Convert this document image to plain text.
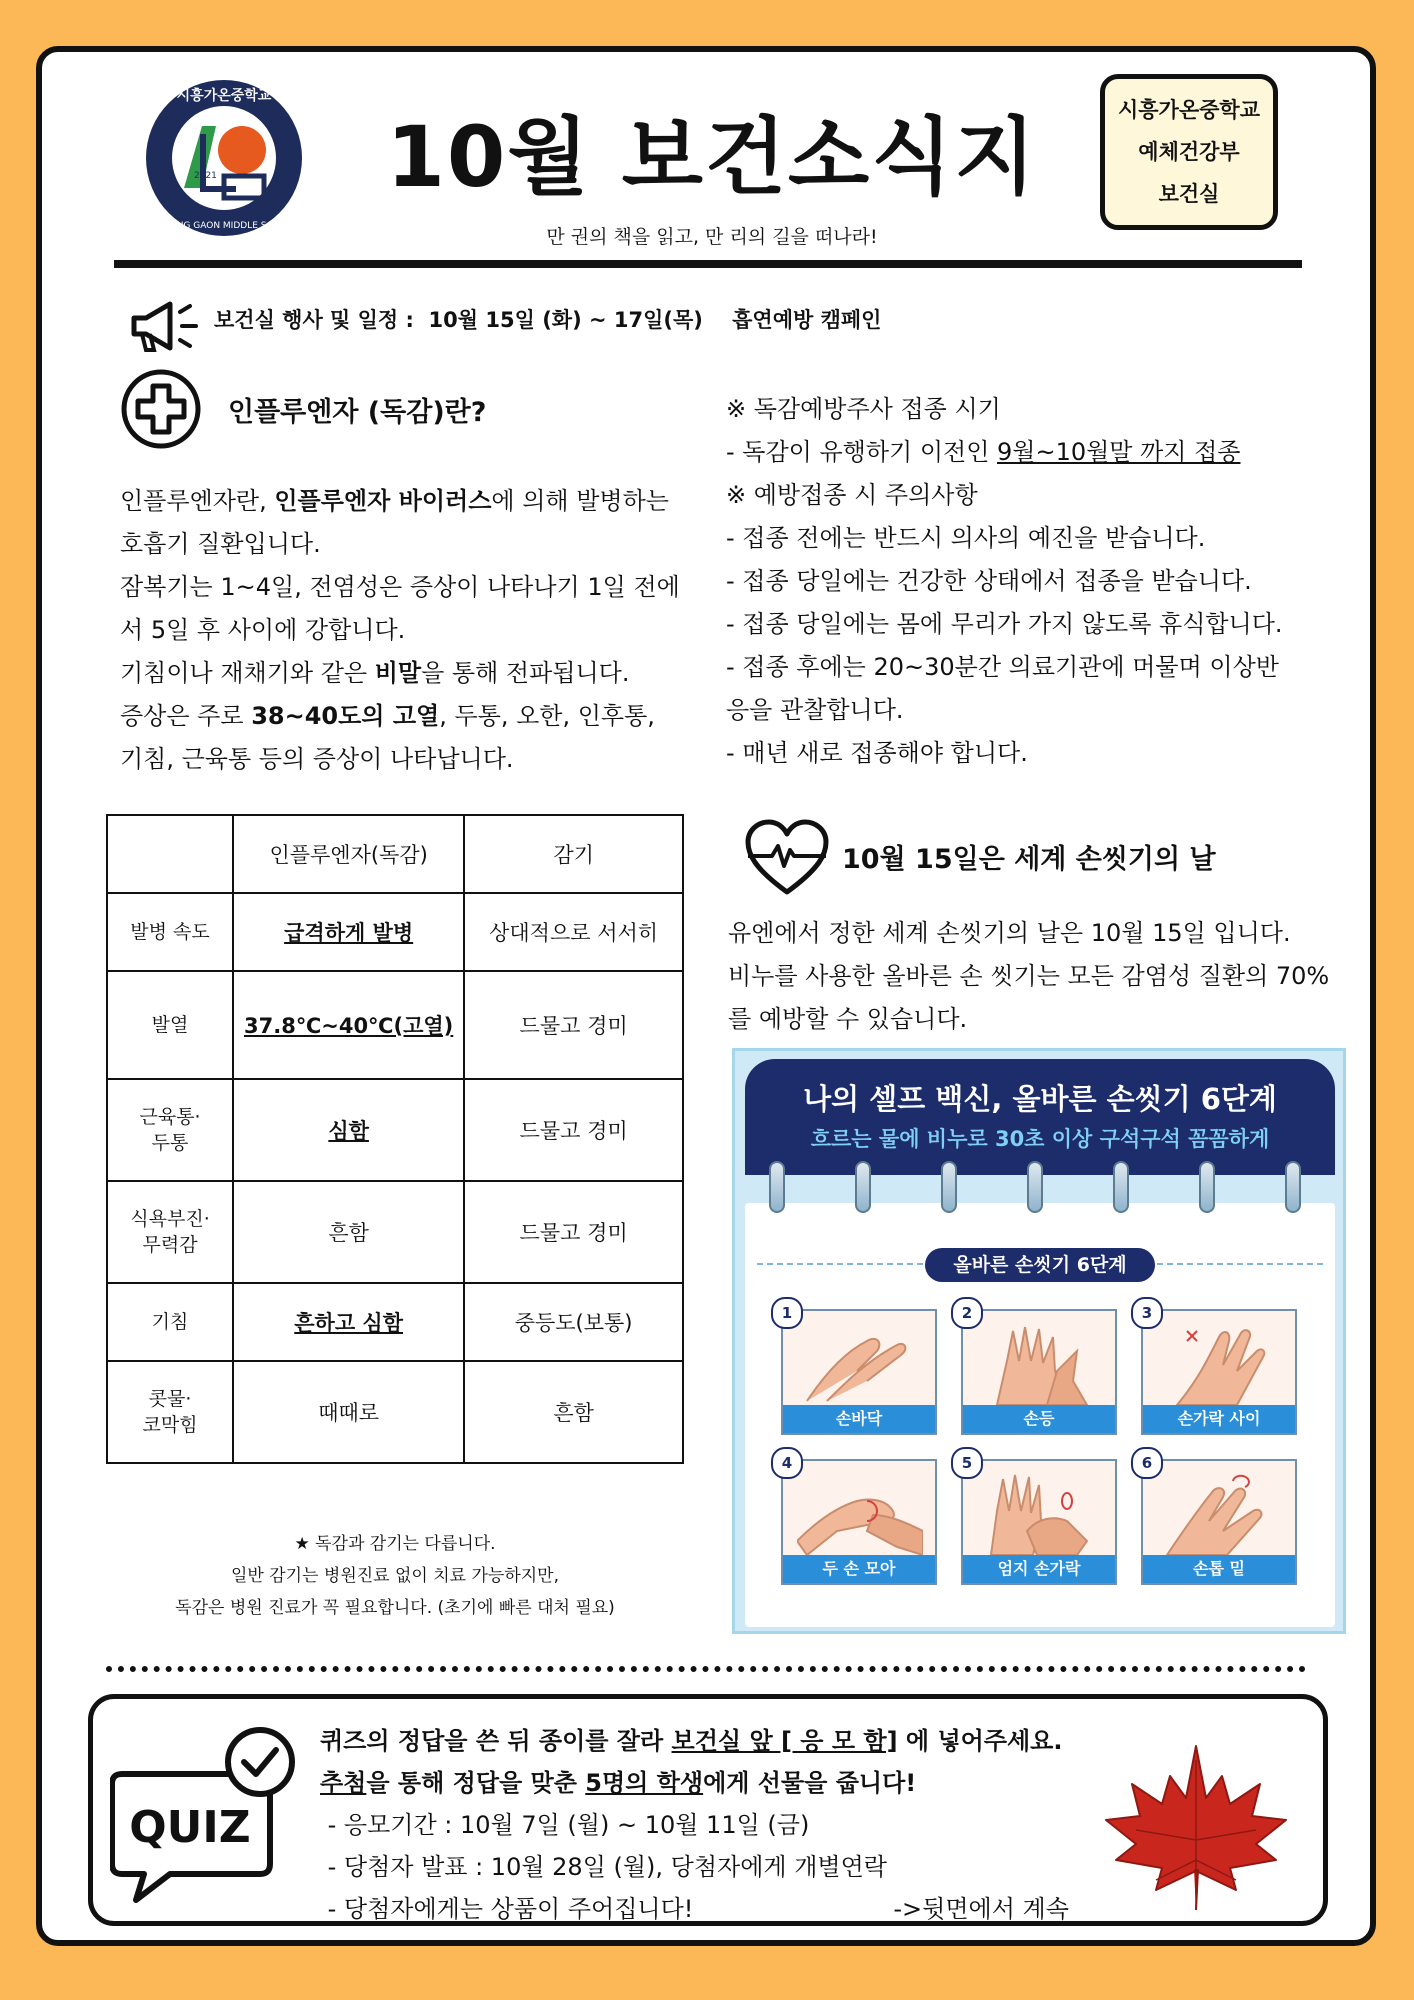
시흥가온중학교
SIHEUNG GAON MIDDLE SCHOOL
2021	10월 보건소식지
만 권의 책을 읽고, 만 리의 길을 떠나라!
시흥가온중학교
예체건강부
보건실
보건실 행사 및 일정 :  10월 15일 (화) ~ 17일(목)    흡연예방 캠페인
인플루엔자 (독감)란?

인플루엔자란, 인플루엔자 바이러스에 의해 발병하는 호흡기 질환입니다.

잠복기는 1~4일, 전염성은 증상이 나타나기 1일 전에서 5일 후 사이에 강합니다.

기침이나 재채기와 같은 비말을 통해 전파됩니다.

증상은 주로 38~40도의 고열, 두통, 오한, 인후통, 기침, 근육통 등의 증상이 나타납니다.

※ 독감예방주사 접종 시기

- 독감이 유행하기 이전인 9월~10월말 까지 접종

※ 예방접종 시 주의사항

- 접종 전에는 반드시 의사의 예진을 받습니다.

- 접종 당일에는 건강한 상태에서 접종을 받습니다.

- 접종 당일에는 몸에 무리가 가지 않도록 휴식합니다.

- 접종 후에는 20~30분간 의료기관에 머물며 이상반

응을 관찰합니다.

- 매년 새로 접종해야 합니다.

	인플루엔자(독감)	감기
발병 속도	급격하게 발병	상대적으로 서서히
발열	37.8℃~40℃(고열)	드물고 경미
근육통·
두통	심함	드물고 경미
식욕부진·
무력감	흔함	드물고 경미
기침	흔하고 심함	중등도(보통)
콧물·
코막힘	때때로	흔함
★ 독감과 감기는 다릅니다.
일반 감기는 병원진료 없이 치료 가능하지만,
독감은 병원 진료가 꼭 필요합니다. (초기에 빠른 대처 필요)
10월 15일은 세계 손씻기의 날

유엔에서 정한 세계 손씻기의 날은 10월 15일 입니다.

비누를 사용한 올바른 손 씻기는 모든 감염성 질환의 70%를 예방할 수 있습니다.

나의 셀프 백신, 올바른 손씻기 6단계
흐르는 물에 비누로 30초 이상 구석구석 꼼꼼하게
올바른 손씻기 6단계
1
손바닥
2
손등
3
손가락 사이
4
두 손 모아
5
엄지 손가락
6
손톱 밑
QUIZ

퀴즈의 정답을 쓴 뒤 종이를 잘라 보건실 앞 [ 응 모 함] 에 넣어주세요.

추첨을 통해 정답을 맞춘 5명의 학생에게 선물을 줍니다!

- 응모기간 : 10월 7일 (월) ~ 10월 11일 (금)

- 당첨자 발표 : 10월 28일 (월), 당첨자에게 개별연락

- 당첨자에게는 상품이 주어집니다!	->뒷면에서 계속
